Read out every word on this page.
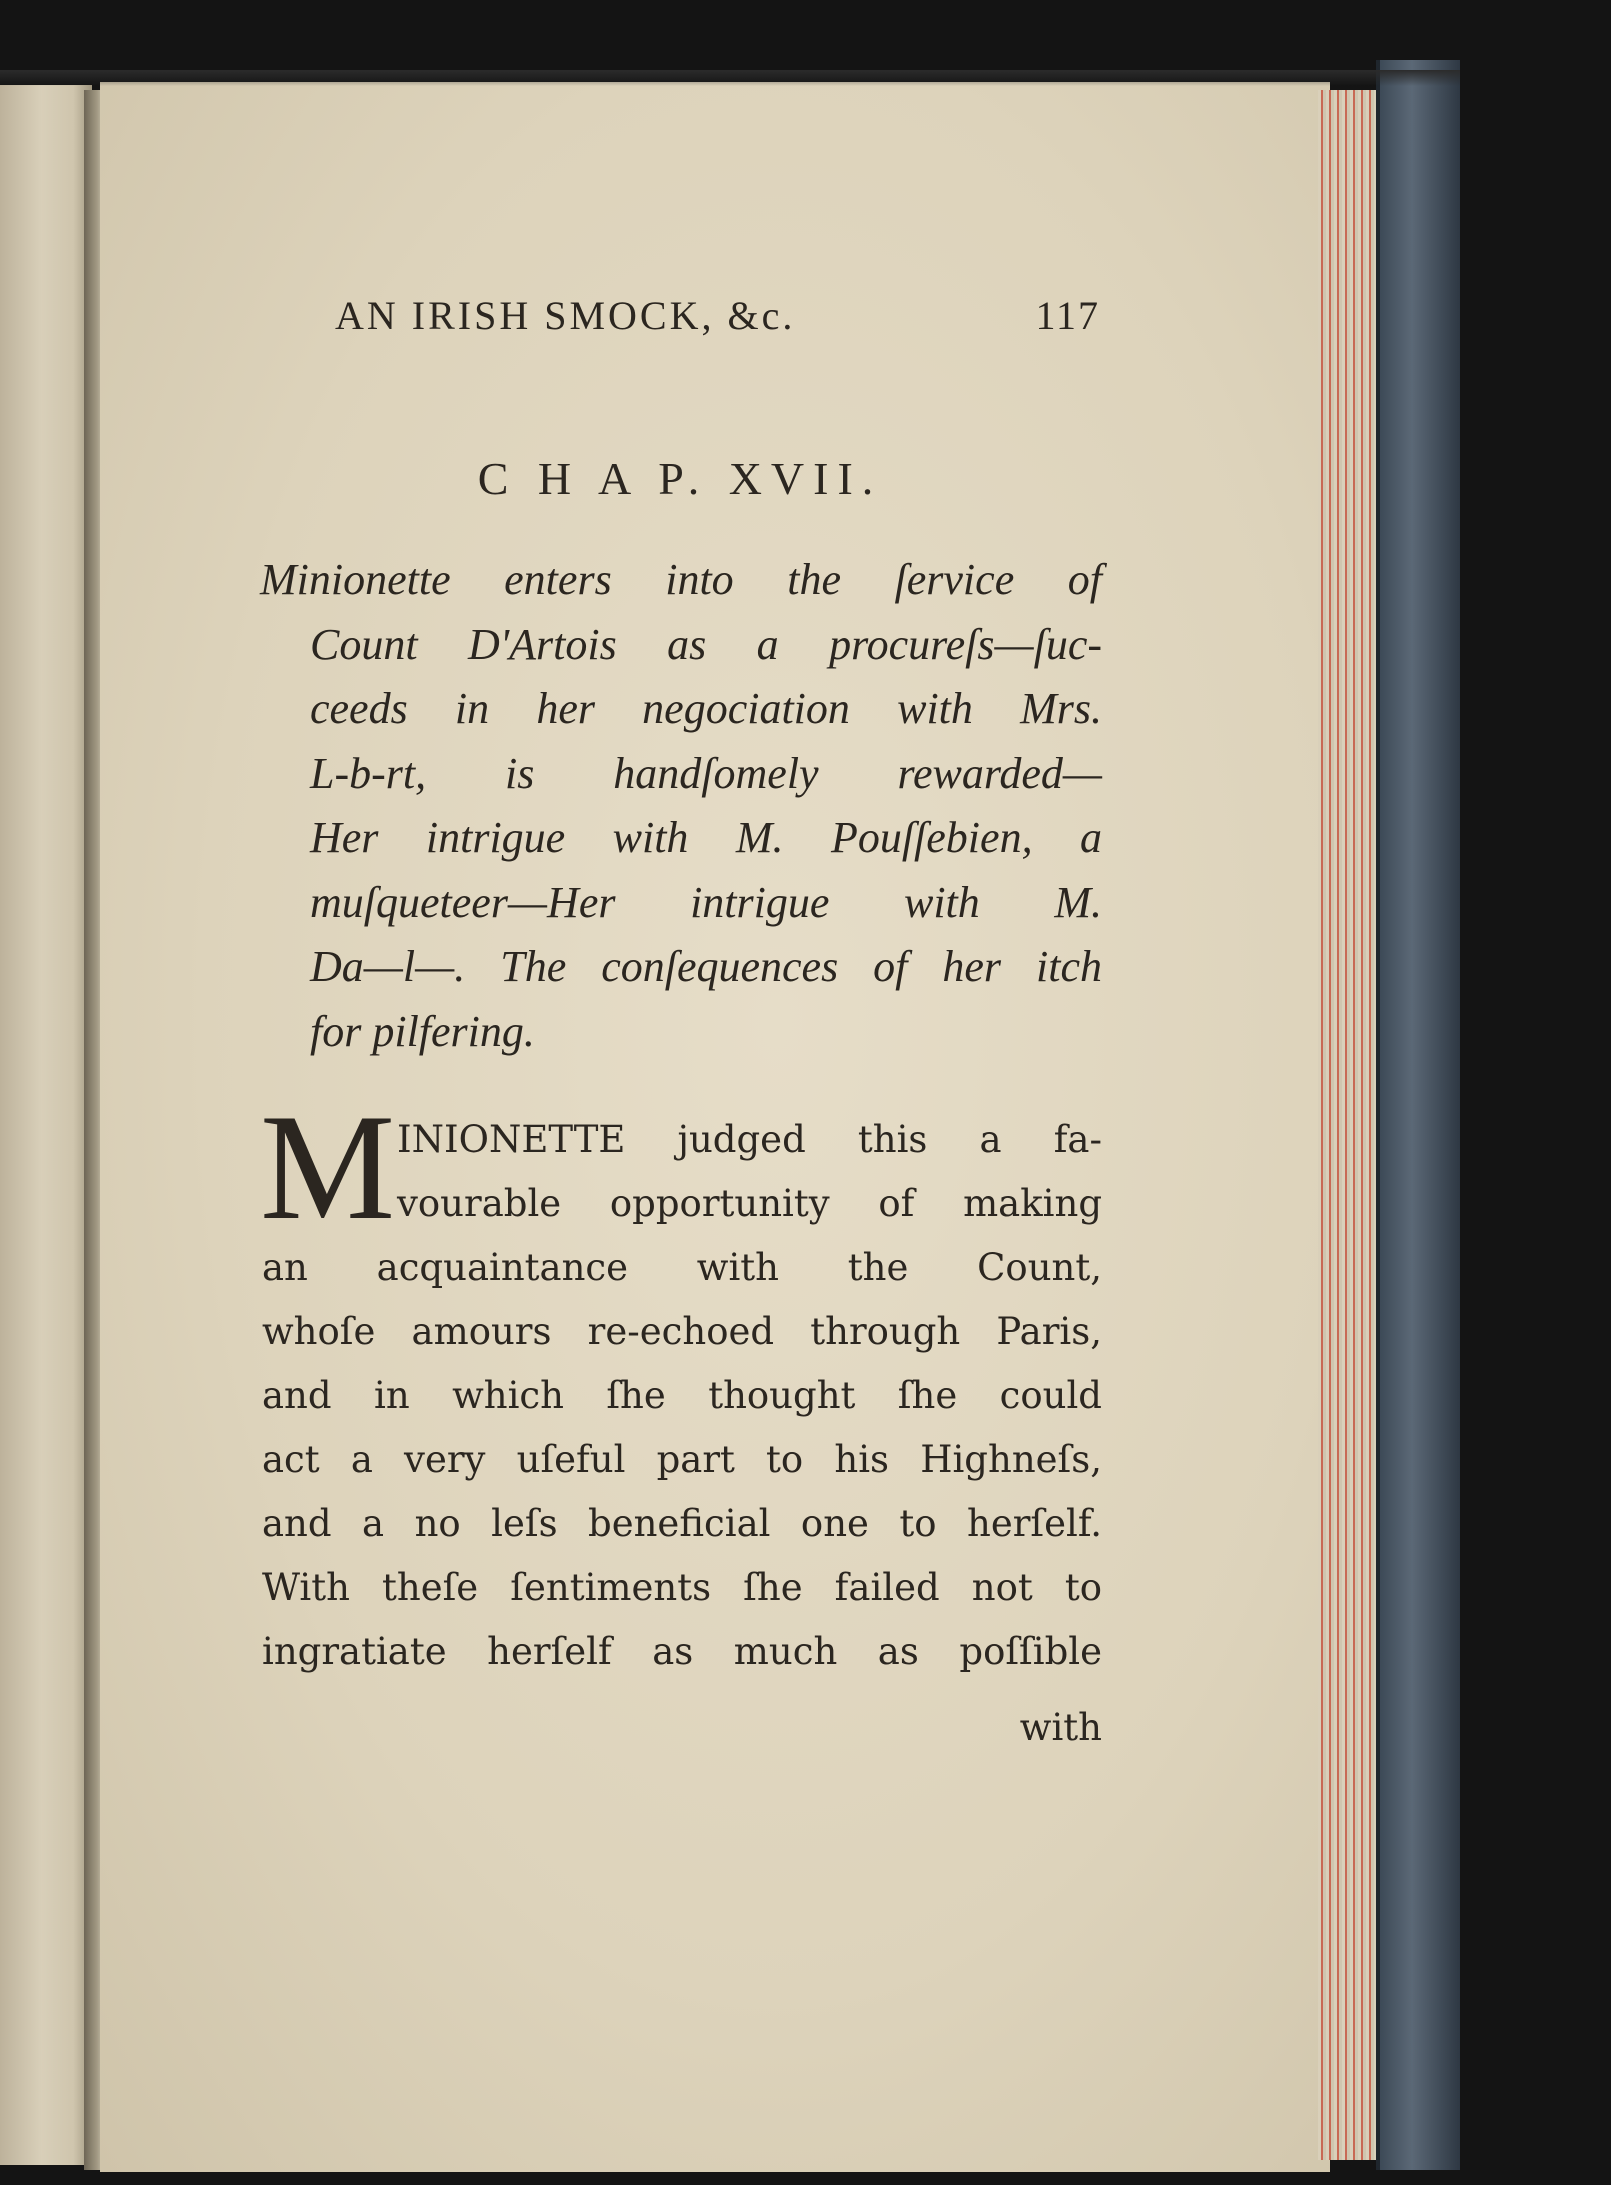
AN IRISH SMOCK, &c.	117
C H A P. XVII.
Minionette enters into the ſervice of
Count D'Artois as a procureſs—ſuc-
ceeds in her negociation with Mrs.
L-b-rt, is handſomely rewarded—
Her intrigue with M. Pouſſebien, a
muſqueteer—Her intrigue with M.
Da—l—. The conſequences of her itch
for pilfering.
M INIONETTE judged this a fa-
vourable opportunity of making
an acquaintance with the Count,
whoſe amours re-echoed through Paris,
and in which ſhe thought ſhe could
act a very uſeful part to his Highneſs,
and a no leſs beneficial one to herſelf.
With theſe ſentiments ſhe failed not to
ingratiate herſelf as much as poſſible
with
